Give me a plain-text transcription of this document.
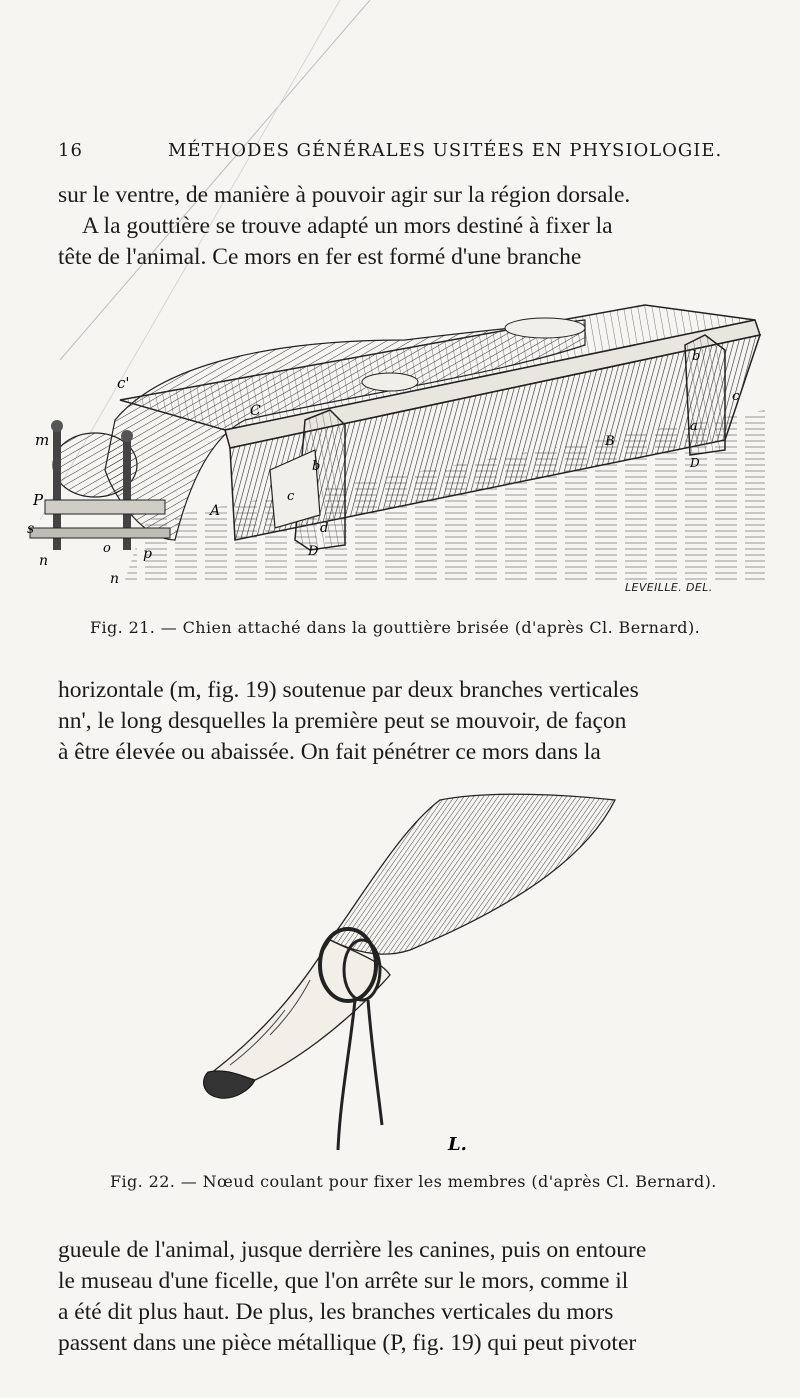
16	MÉTHODES GÉNÉRALES USITÉES EN PHYSIOLOGIE.

sur le ventre, de manière à pouvoir agir sur la région dorsale.

A la gouttière se trouve adapté un mors destiné à fixer la

tête de l'animal. Ce mors en fer est formé d'une branche

c'
C
m
P
s
n
n
o p
A
b
c
d
D
B
b
a
D
c
LEVEILLE. DEL.
Fig. 21. — Chien attaché dans la gouttière brisée (d'après Cl. Bernard).

horizontale (m, fig. 19) soutenue par deux branches verticales

nn', le long desquelles la première peut se mouvoir, de façon

à être élevée ou abaissée. On fait pénétrer ce mors dans la

L.
Fig. 22. — Nœud coulant pour fixer les membres (d'après Cl. Bernard).

gueule de l'animal, jusque derrière les canines, puis on entoure

le museau d'une ficelle, que l'on arrête sur le mors, comme il

a été dit plus haut. De plus, les branches verticales du mors

passent dans une pièce métallique (P, fig. 19) qui peut pivoter
